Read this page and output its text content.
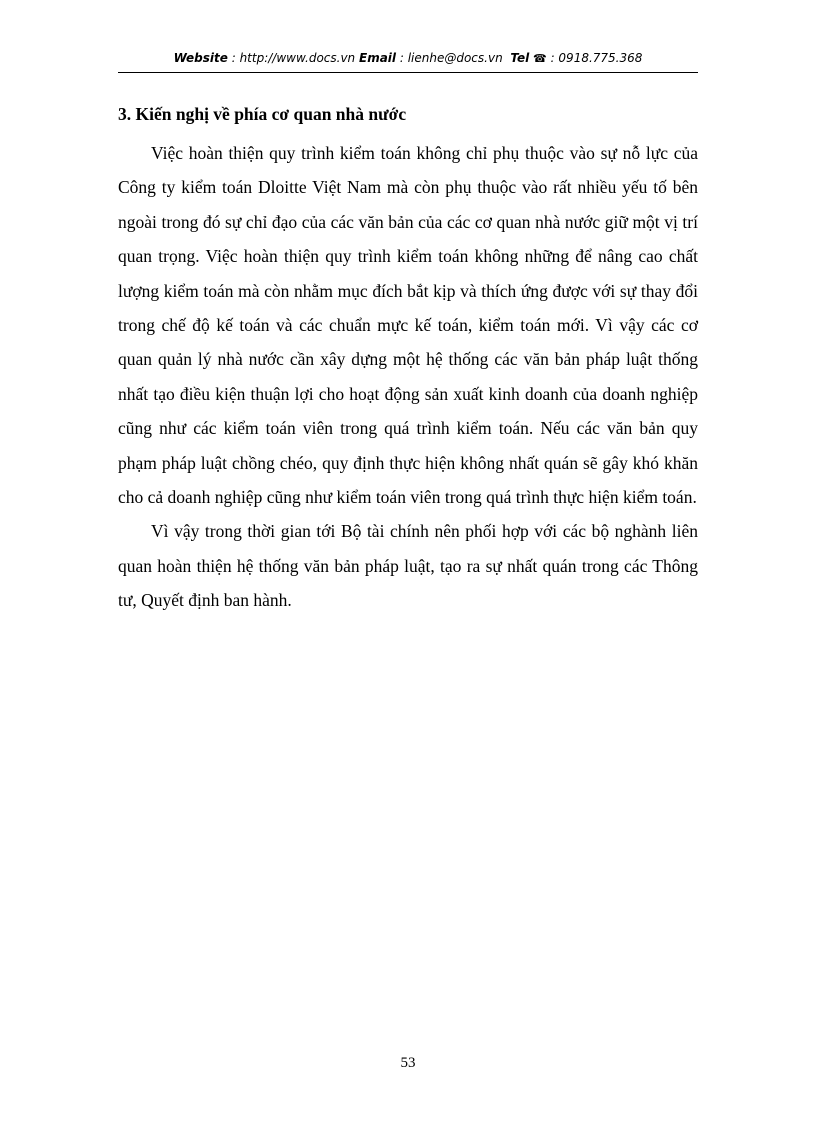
Website : http://www.docs.vn Email : lienhe@docs.vn Tel ☎ : 0918.775.368
3. Kiến nghị về phía cơ quan nhà nước

Việc hoàn thiện quy trình kiểm toán không chỉ phụ thuộc vào sự nỗ lực của Công ty kiểm toán Dloitte Việt Nam mà còn phụ thuộc vào rất nhiều yếu tố bên ngoài trong đó sự chỉ đạo của các văn bản của các cơ quan nhà nước giữ một vị trí quan trọng. Việc hoàn thiện quy trình kiểm toán không những để nâng cao chất lượng kiểm toán mà còn nhằm mục đích bắt kịp và thích ứng được với sự thay đổi trong chế độ kế toán và các chuẩn mực kế toán, kiểm toán mới. Vì vậy các cơ quan quản lý nhà nước cần xây dựng một hệ thống các văn bản pháp luật thống nhất tạo điều kiện thuận lợi cho hoạt động sản xuất kinh doanh của doanh nghiệp cũng như các kiểm toán viên trong quá trình kiểm toán. Nếu các văn bản quy phạm pháp luật chồng chéo, quy định thực hiện không nhất quán sẽ gây khó khăn cho cả doanh nghiệp cũng như kiểm toán viên trong quá trình thực hiện kiểm toán.

Vì vậy trong thời gian tới Bộ tài chính nên phối hợp với các bộ nghành liên quan hoàn thiện hệ thống văn bản pháp luật, tạo ra sự nhất quán trong các Thông tư, Quyết định ban hành.

53
